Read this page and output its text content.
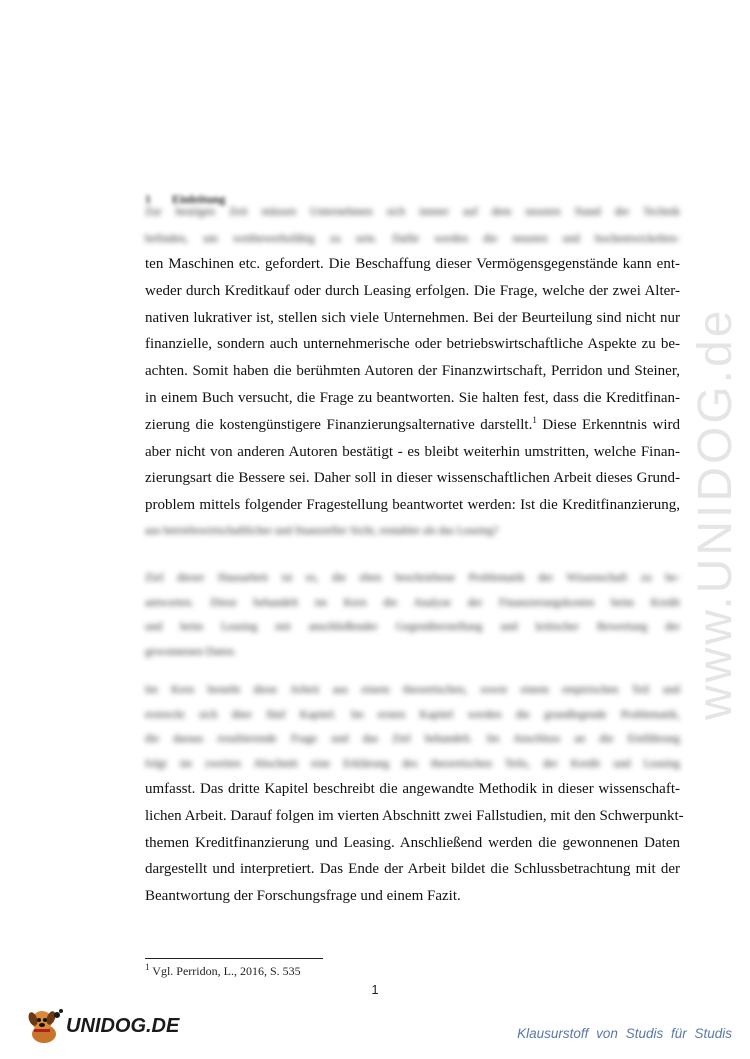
www.UNIDOG.de
1 Einleitung
Zur heutigen Zeit müssen Unternehmen sich immer auf dem neusten Stand der Technik
befinden, um wettbewerbsfähig zu sein. Dafür werden die neusten und hochentwickelten-
ten Maschinen etc. gefordert. Die Beschaffung dieser Vermögensgegenstände kann ent-
weder durch Kreditkauf oder durch Leasing erfolgen. Die Frage, welche der zwei Alter-
nativen lukrativer ist, stellen sich viele Unternehmen. Bei der Beurteilung sind nicht nur
finanzielle, sondern auch unternehmerische oder betriebswirtschaftliche Aspekte zu be-
achten. Somit haben die berühmten Autoren der Finanzwirtschaft, Perridon und Steiner,
in einem Buch versucht, die Frage zu beantworten. Sie halten fest, dass die Kreditfinan-
zierung die kostengünstigere Finanzierungsalternative darstellt.$^1$ Diese Erkenntnis wird
aber nicht von anderen Autoren bestätigt - es bleibt weiterhin umstritten, welche Finan-
zierungsart die Bessere sei. Daher soll in dieser wissenschaftlichen Arbeit dieses Grund-
problem mittels folgender Fragestellung beantwortet werden: Ist die Kreditfinanzierung,
aus betriebswirtschaftlicher und finanzieller Sicht, rentabler als das Leasing?
Ziel dieser Hausarbeit ist es, die eben beschriebene Problematik der Wissenschaft zu be-
antworten. Diese behandelt im Kern die Analyse der Finanzierungskosten beim Kredit
und beim Leasing mit anschließender Gegenüberstellung und kritischer Bewertung der
gewonnenen Daten.
Im Kern besteht diese Arbeit aus einem theoretischen, sowie einem empirischen Teil und
erstreckt sich über fünf Kapitel. Im ersten Kapitel werden die grundlegende Problematik,
die daraus resultierende Frage und das Ziel behandelt. Im Anschluss an die Einführung
folgt im zweiten Abschnitt eine Erklärung des theoretischen Teils, der Kredit und Leasing
umfasst. Das dritte Kapitel beschreibt die angewandte Methodik in dieser wissenschaft-
lichen Arbeit. Darauf folgen im vierten Abschnitt zwei Fallstudien, mit den Schwerpunkt-
themen Kreditfinanzierung und Leasing. Anschließend werden die gewonnenen Daten
dargestellt und interpretiert. Das Ende der Arbeit bildet die Schlussbetrachtung mit der
Beantwortung der Forschungsfrage und einem Fazit.
$^1$ Vgl. Perridon, L., 2016, S. 535
1
UNIDOG.DE	Klausurstoff von Studis für Studis
